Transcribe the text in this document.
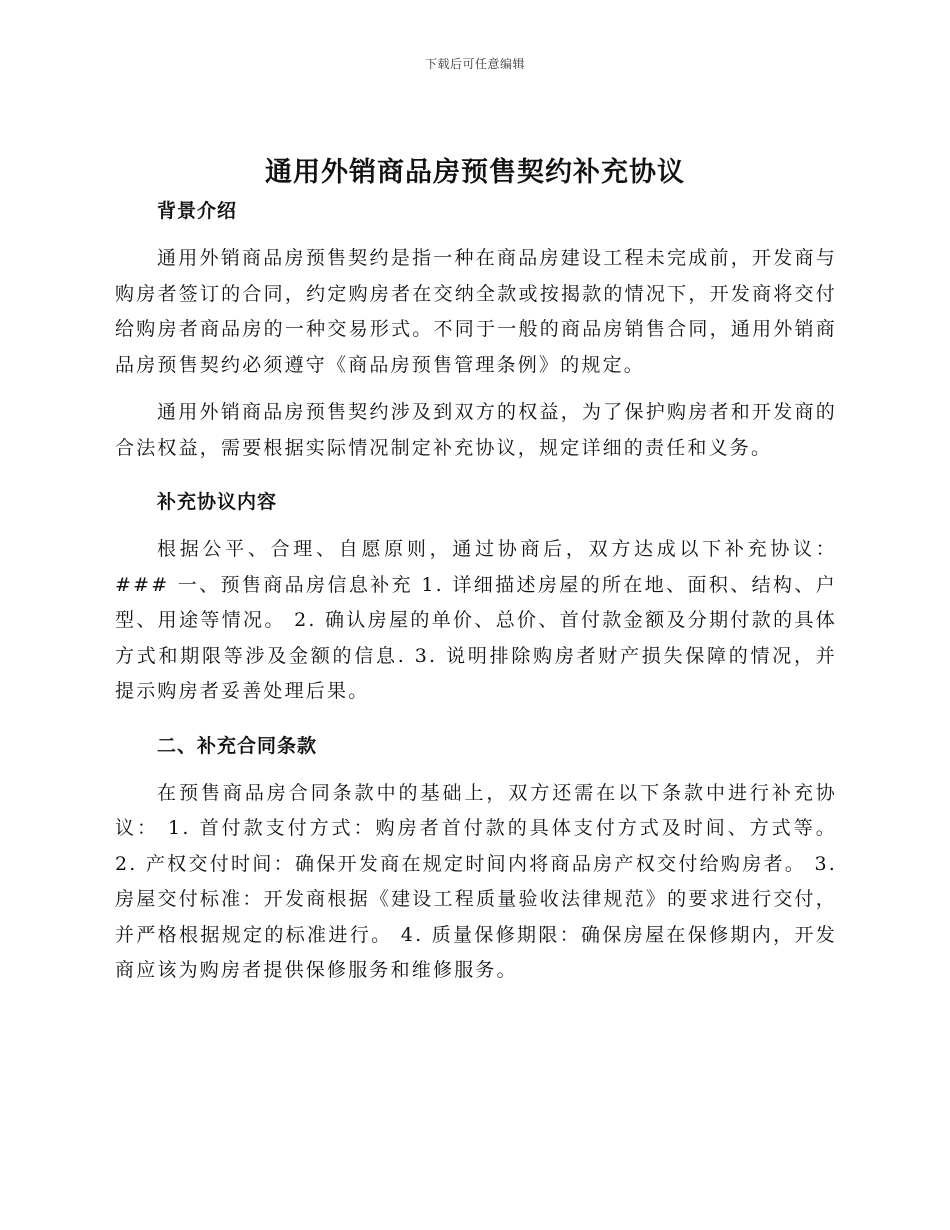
下载后可任意编辑
通用外销商品房预售契约补充协议
背景介绍

通用外销商品房预售契约是指一种在商品房建设工程未完成前，开发商与购房者签订的合同，约定购房者在交纳全款或按揭款的情况下，开发商将交付给购房者商品房的一种交易形式。不同于一般的商品房销售合同，通用外销商品房预售契约必须遵守《商品房预售管理条例》的规定。

通用外销商品房预售契约涉及到双方的权益，为了保护购房者和开发商的合法权益，需要根据实际情况制定补充协议，规定详细的责任和义务。

补充协议内容

根据公平、合理、自愿原则，通过协商后，双方达成以下补充协议：### 一、预售商品房信息补充 1. 详细描述房屋的所在地、面积、结构、户型、用途等情况。 2. 确认房屋的单价、总价、首付款金额及分期付款的具体方式和期限等涉及金额的信息. 3. 说明排除购房者财产损失保障的情况，并提示购房者妥善处理后果。

二、补充合同条款

在预售商品房合同条款中的基础上，双方还需在以下条款中进行补充协议： 1. 首付款支付方式：购房者首付款的具体支付方式及时间、方式等。 2. 产权交付时间：确保开发商在规定时间内将商品房产权交付给购房者。 3. 房屋交付标准：开发商根据《建设工程质量验收法律规范》的要求进行交付，并严格根据规定的标准进行。 4. 质量保修期限：确保房屋在保修期内，开发商应该为购房者提供保修服务和维修服务。
